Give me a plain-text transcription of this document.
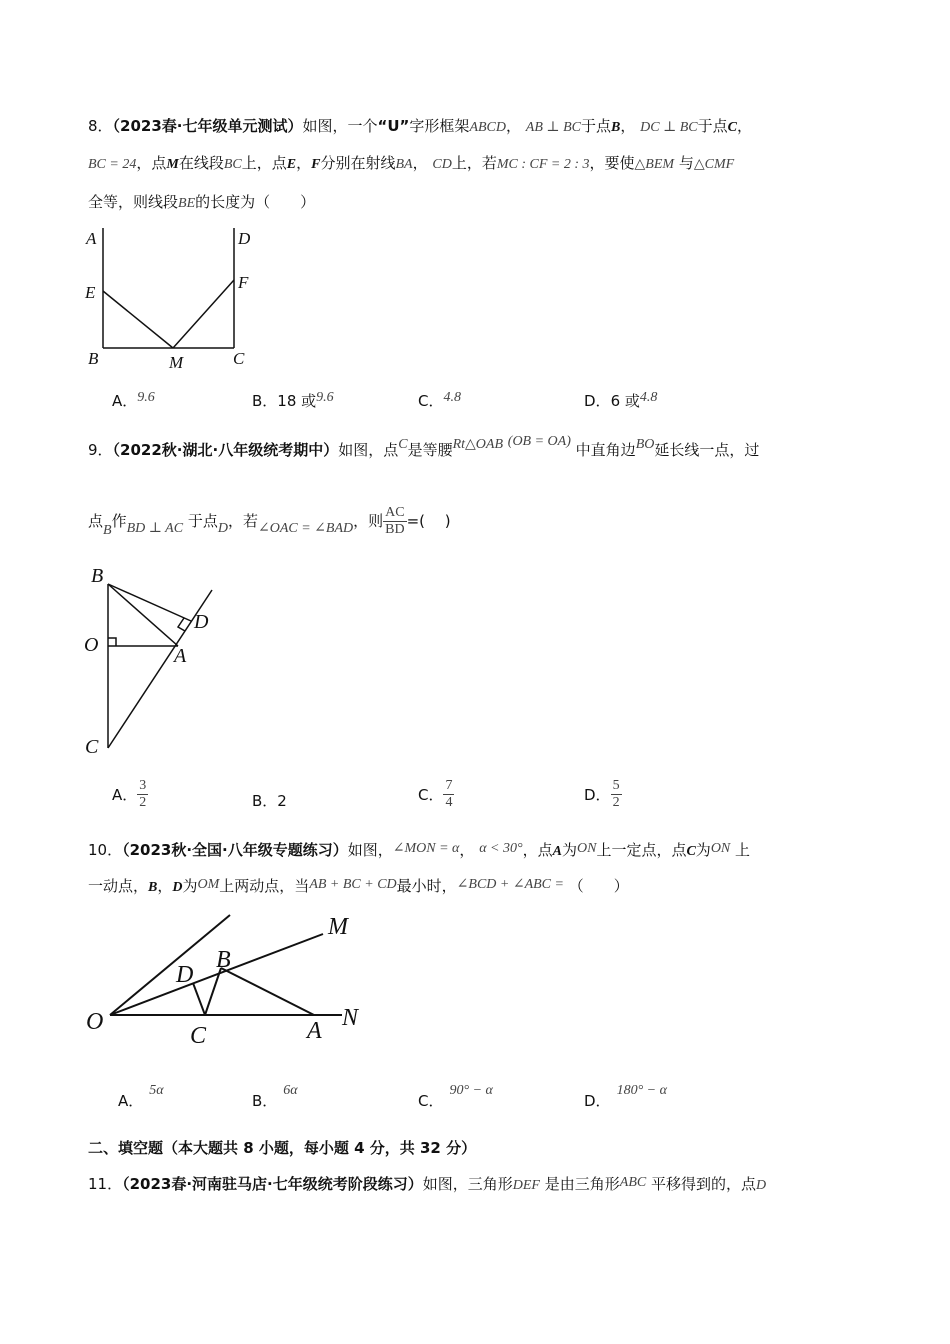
8．（2023春·七年级单元测试）如图，一个“U”字形框架ABCD， AB ⊥ BC于点B， DC ⊥ BC于点C，
BC = 24，点M在线段BC上，点E，F分别在射线BA， CD上，若MC : CF = 2 : 3，要使△BEM 与△CMF
全等，则线段BE的长度为（　　）
A	D
E
F
B	M	C
A．9.6	B．18 或9.6	C．4.8	D．6 或4.8
9．（2022秋·湖北·八年级统考期中）如图，点C是等腰Rt△OAB (OB = OA) 中直角边BO延长线一点，过
点B作BD ⊥ AC 于点D，若∠OAC = ∠BAD，则 $\frac{AC}{BD}$ =(　 )
B
O
D
A
C
A． $\frac{3}{2}$	B．2	C． $\frac{7}{4}$	D． $\frac{5}{2}$
10．（2023秋·全国·八年级专题练习）如图，∠MON = α， α < 30°，点A为ON上一定点，点C为ON 上
一动点，B，D为OM上两动点，当AB + BC + CD最小时，∠BCD + ∠ABC = （　　）
M
D
B
O
C	A N
A．5α
B．6α
C．90° − α
D．180° − α
二、填空题（本大题共 8 小题，每小题 4 分，共 32 分）
11．（2023春·河南驻马店·七年级统考阶段练习）如图，三角形DEF 是由三角形ABC 平移得到的，点D
